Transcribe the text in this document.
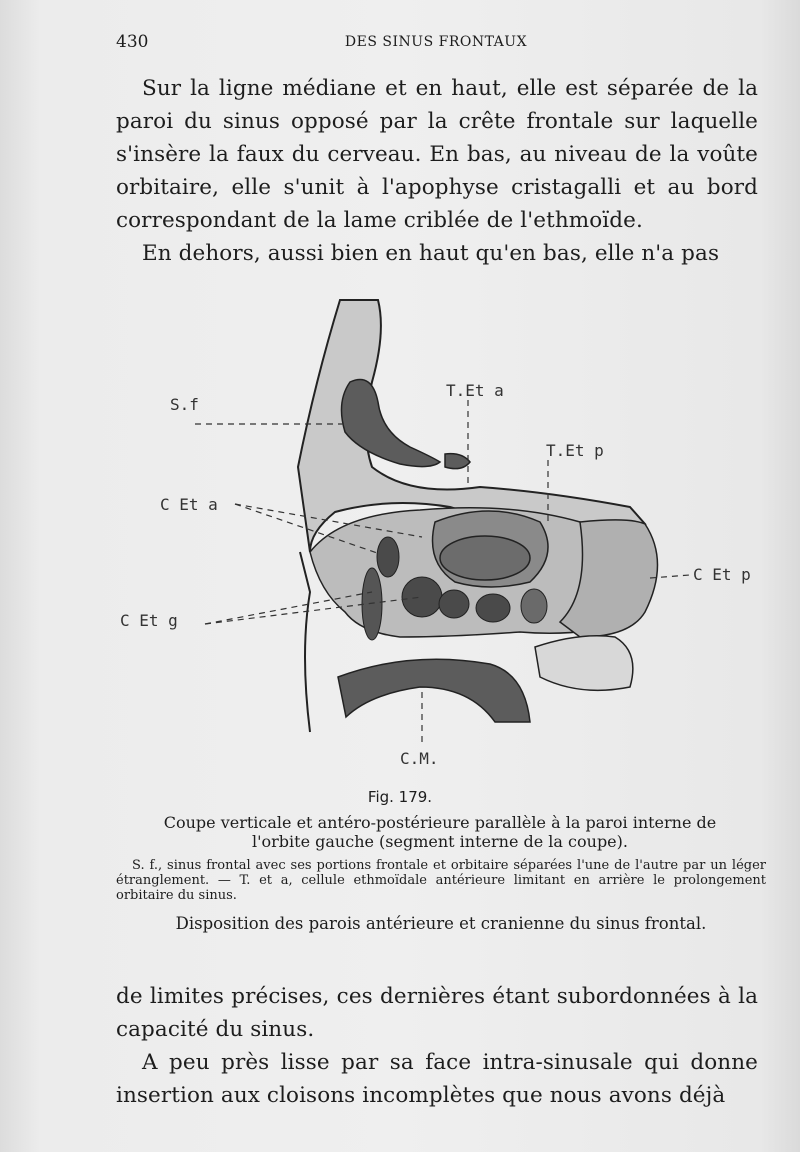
430	DES SINUS FRONTAUX

Sur la ligne médiane et en haut, elle est séparée de la paroi du sinus opposé par la crête frontale sur laquelle s'insère la faux du cerveau. En bas, au niveau de la voûte orbitaire, elle s'unit à l'apophyse cristagalli et au bord correspondant de la lame criblée de l'ethmoïde.

En dehors, aussi bien en haut qu'en bas, elle n'a pas

S.f
T.Et a
T.Et p
C Et a
C Et p
C Et g
C.M.
Fig. 179.
Coupe verticale et antéro-postérieure parallèle à la paroi interne de l'orbite gauche (segment interne de la coupe).

S. f., sinus frontal avec ses portions frontale et orbitaire séparées l'une de l'autre par un léger étranglement. — T. et a, cellule ethmoïdale antérieure limitant en arrière le prolongement orbitaire du sinus.

Disposition des parois antérieure et cranienne du sinus frontal.

de limites précises, ces dernières étant subordonnées à la capacité du sinus.

A peu près lisse par sa face intra-sinusale qui donne insertion aux cloisons incomplètes que nous avons déjà
